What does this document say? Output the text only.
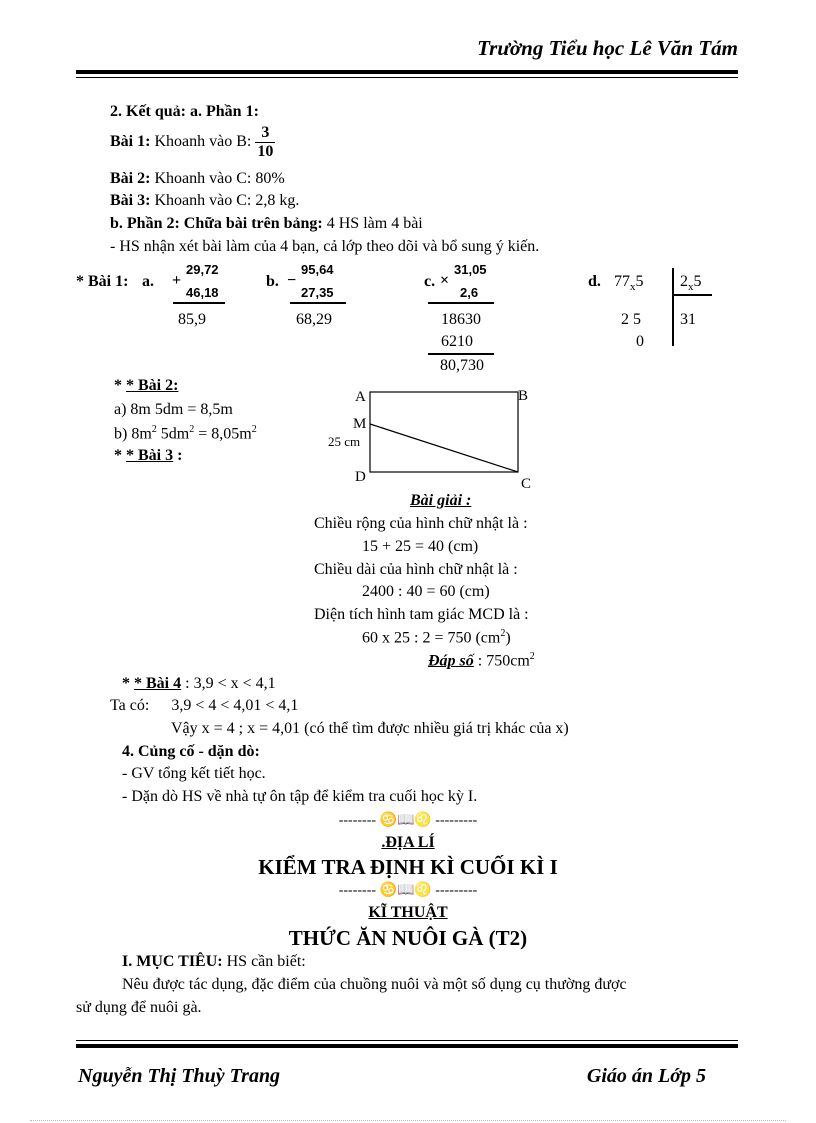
Trường Tiểu học Lê Văn Tám
2. Kết quả: a. Phần 1:
Bài 1: Khoanh vào B: $\frac{3}{10}$
Bài 2: Khoanh vào C: 80%
Bài 3: Khoanh vào C: 2,8 kg.
b. Phần 2: Chữa bài trên bảng: 4 HS làm 4 bài
- HS nhận xét bài làm của 4 bạn, cả lớp theo dõi và bổ sung ý kiến.
* Bài 1: a. +
29,72
46,18
85,9
b. −
95,64
27,35
68,29
c. ×
31,05
2,6
18630
6210
80,730
d. $77_x5$ $2_x5$
2 5
0
31
* * Bài 2:
a) 8m 5dm = 8,5m
b) $8m^2$ $5dm^2 = 8,05m^2$
* * Bài 3 :
A	B
C
D
M
25 cm
Bài giải :
Chiều rộng của hình chữ nhật là :
15 + 25 = 40 (cm)
Chiều dài của hình chữ nhật là :
2400 : 40 = 60 (cm)
Diện tích hình tam giác MCD là :
60 x 25 : 2 = 750 $(cm^2)$
Đáp số : $750cm^2$
* * Bài 4 : 3,9 < x < 4,1
Ta có: 3,9 < 4 < 4,01 < 4,1
Vậy x = 4 ; x = 4,01 (có thể tìm được nhiều giá trị khác của x)
4. Củng cố - dặn dò:
- GV tổng kết tiết học.
- Dặn dò HS về nhà tự ôn tập để kiểm tra cuối học kỳ I.
-------- ♋📖♌ ---------
.ĐỊA LÍ
KIỂM TRA ĐỊNH KÌ CUỐI KÌ I
-------- ♋📖♌ ---------
KĨ THUẬT
THỨC ĂN NUÔI GÀ (T2)
I. MỤC TIÊU: HS cần biết:
Nêu được tác dụng, đặc điểm của chuồng nuôi và một số dụng cụ thường được
sử dụng để nuôi gà.
Nguyễn Thị Thuỳ Trang	Giáo án Lớp 5
